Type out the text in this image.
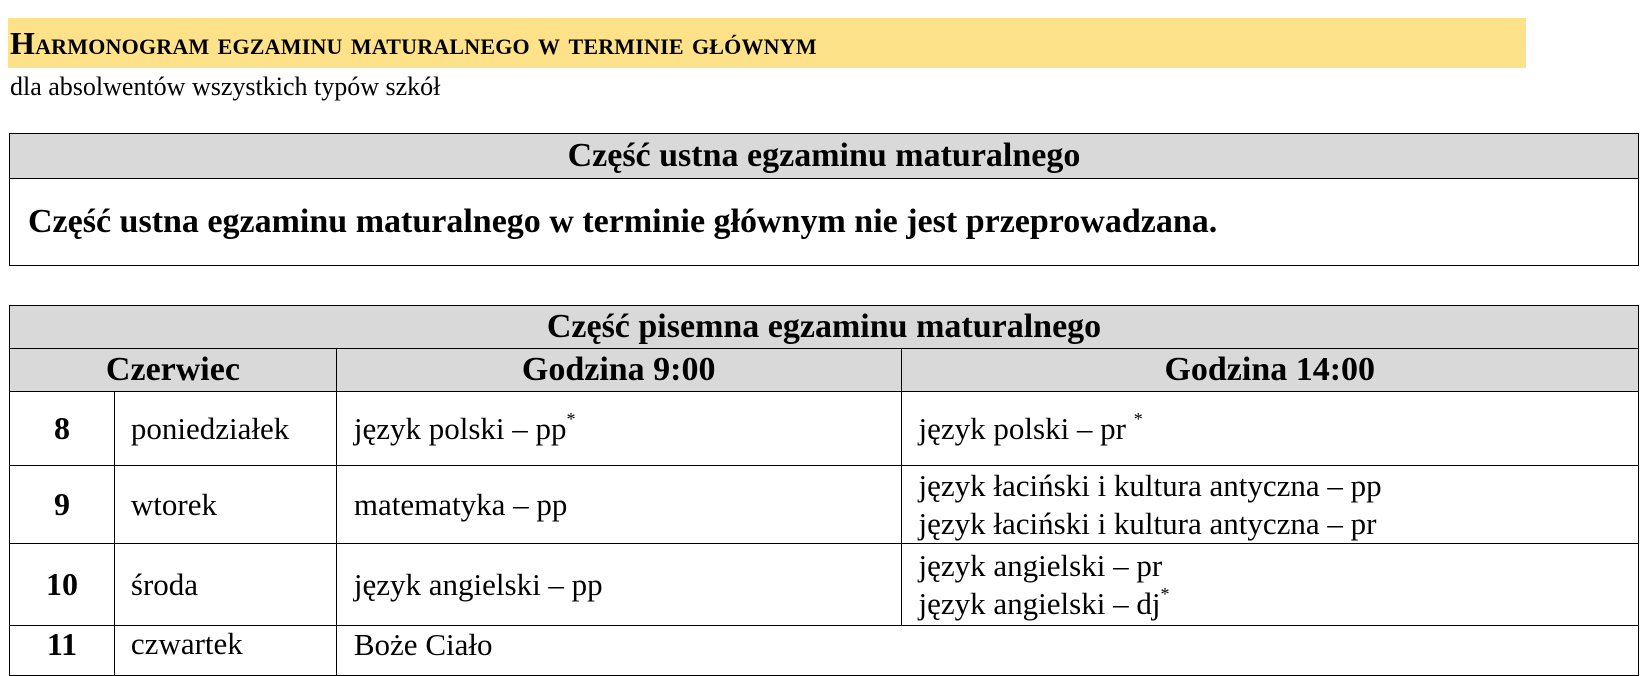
Harmonogram egzaminu maturalnego w terminie głównym
dla absolwentów wszystkich typów szkół
Część ustna egzaminu maturalnego
Część ustna egzaminu maturalnego w terminie głównym nie jest przeprowadzana.
Część pisemna egzaminu maturalnego			
Czerwiec		Godzina 9:00	Godzina 14:00
8	poniedziałek	język polski – pp*	język polski – pr *
9	wtorek	matematyka – pp	język łaciński i kultura antyczna – pp
język łaciński i kultura antyczna – pr

10	środa	język angielski – pp	język angielski – pr
język angielski – dj*

11	czwartek	Boże Ciało	
